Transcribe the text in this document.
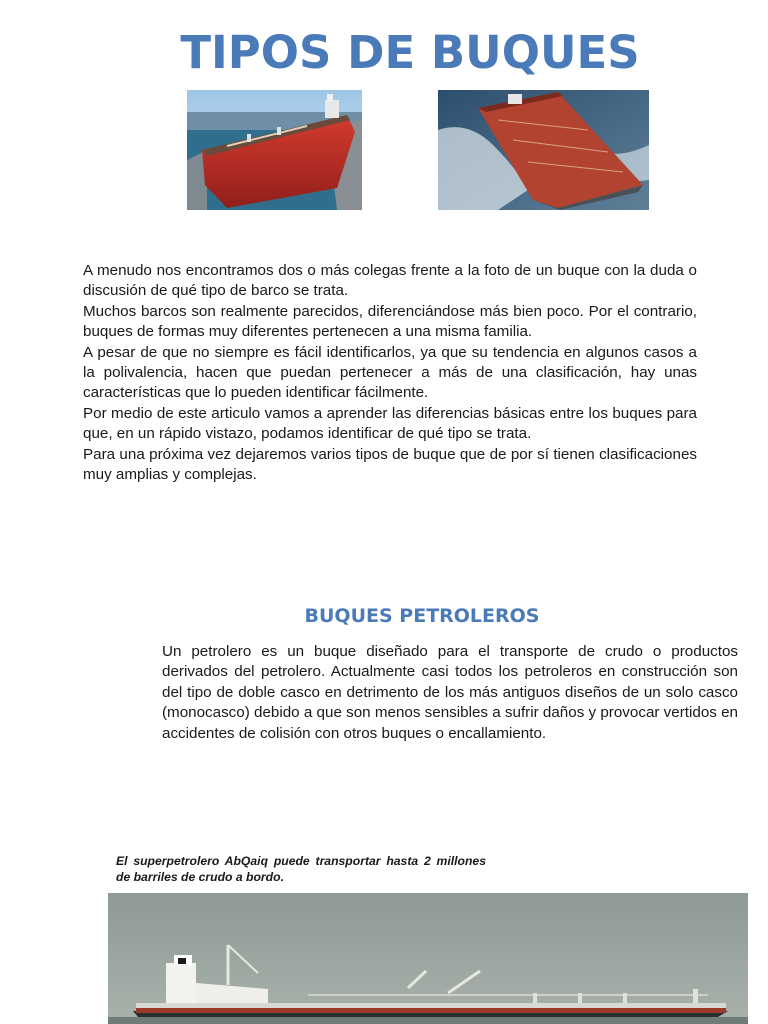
TIPOS DE BUQUES

A menudo nos encontramos dos o más colegas frente a la foto de un buque con la duda o discusión de qué tipo de barco se trata.

Muchos barcos son realmente parecidos, diferenciándose más bien poco. Por el contrario, buques de formas muy diferentes pertenecen a una misma familia.

A pesar de que no siempre es fácil identificarlos, ya que su tendencia en algunos casos a la polivalencia, hacen que puedan pertenecer a más de una clasificación, hay unas características que lo pueden identificar fácilmente.

Por medio de este articulo vamos a aprender las diferencias básicas entre los buques para que, en un rápido vistazo, podamos identificar de qué tipo se trata.

Para una próxima vez dejaremos varios tipos de buque que de por sí tienen clasificaciones muy amplias y complejas.

BUQUES PETROLEROS

Un petrolero es un buque diseñado para el transporte de crudo o productos derivados del petrolero. Actualmente casi todos los petroleros en construcción son del tipo de doble casco en detrimento de los más antiguos diseños de un solo casco (monocasco) debido a que son menos sensibles a sufrir daños y provocar vertidos en accidentes de colisión con otros buques o encallamiento.

El superpetrolero AbQaiq puede transportar hasta 2 millones de barriles de crudo a bordo.
